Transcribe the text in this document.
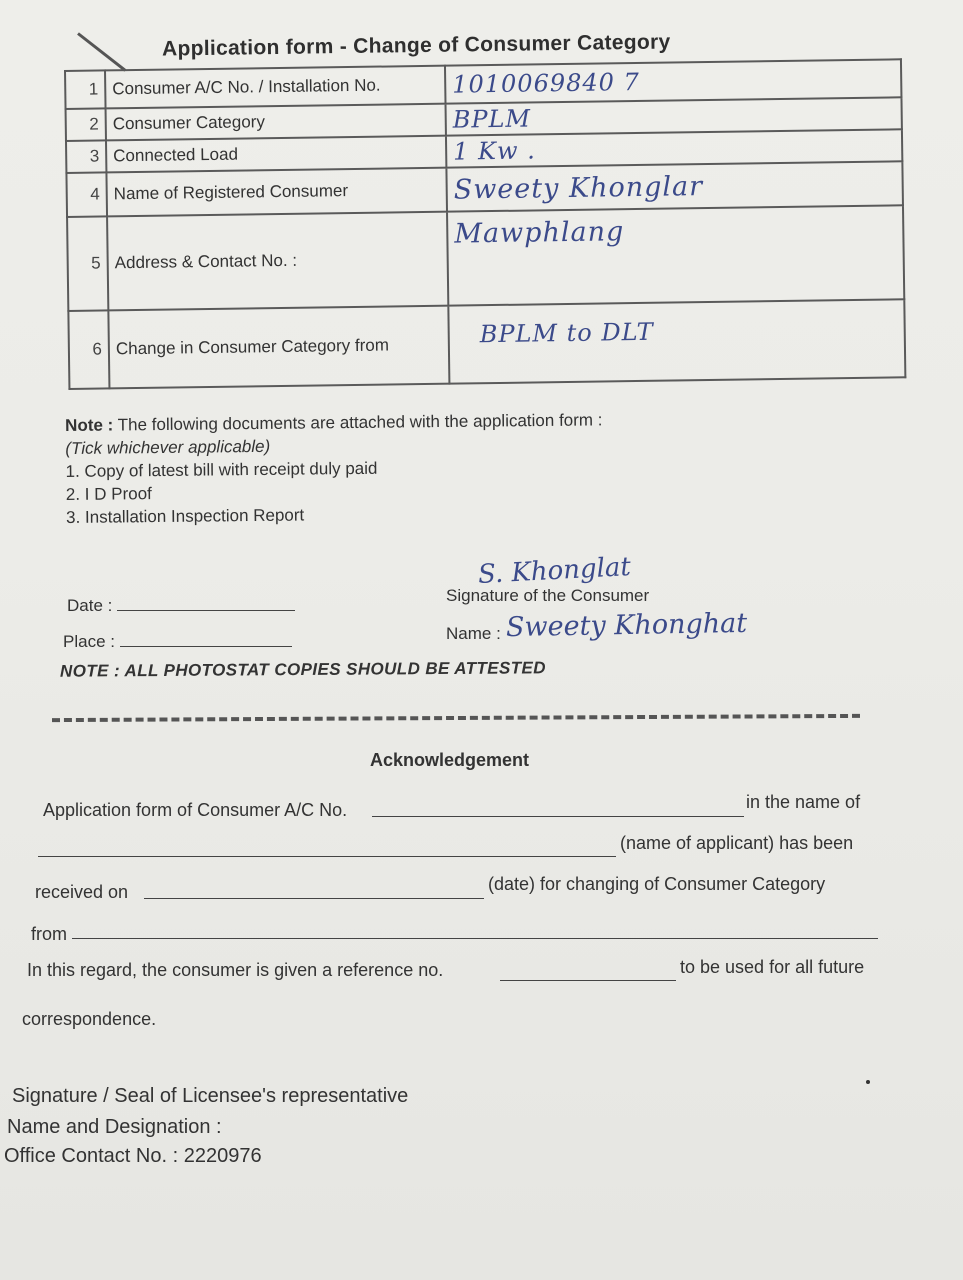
Application form - Change of Consumer Category
1	Consumer A/C No. / Installation No.	1010069840 7
2	Consumer Category	BPLM
3	Connected Load	1 Kw .
4	Name of Registered Consumer	Sweety Khonglar
5	Address & Contact No. :	Mawphlang
6	Change in Consumer Category from	BPLM to DLT
Note : The following documents are attached with the application form :
(Tick whichever applicable)
1. Copy of latest bill with receipt duly paid
2. I D Proof
3. Installation Inspection Report
S. Khonglat
Date :
Signature of the Consumer
Place :	Name : Sweety Khonghat
NOTE : ALL PHOTOSTAT COPIES SHOULD BE ATTESTED
Acknowledgement
Application form of Consumer A/C No.	in the name of
(name of applicant) has been
received on	(date) for changing of Consumer Category
from
In this regard, the consumer is given a reference no.	to be used for all future
correspondence.
Signature / Seal of Licensee's representative
Name and Designation :
Office Contact No. : 2220976
